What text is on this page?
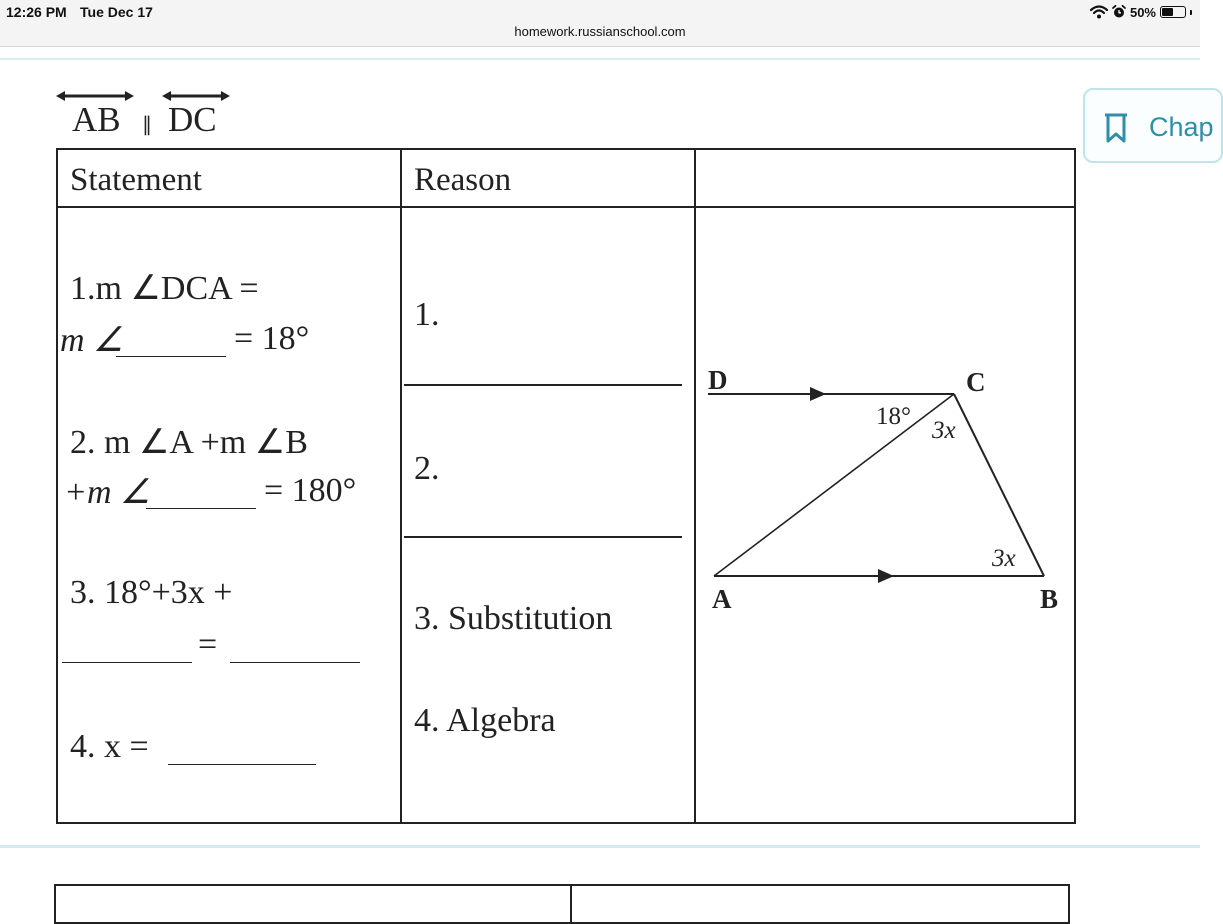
12:26 PM Tue Dec 17	50%
homework.russianschool.com
AB ∥ DC	Chap
Statement	Reason
1.m ∠DCA =
m ∠	= 18°
1.
2. m ∠A +m ∠B
+m ∠	= 180°
2.
3. 18°+3x +
=
3. Substitution
4. x =
4. Algebra
D	C
A	B
18°
3x
3x
